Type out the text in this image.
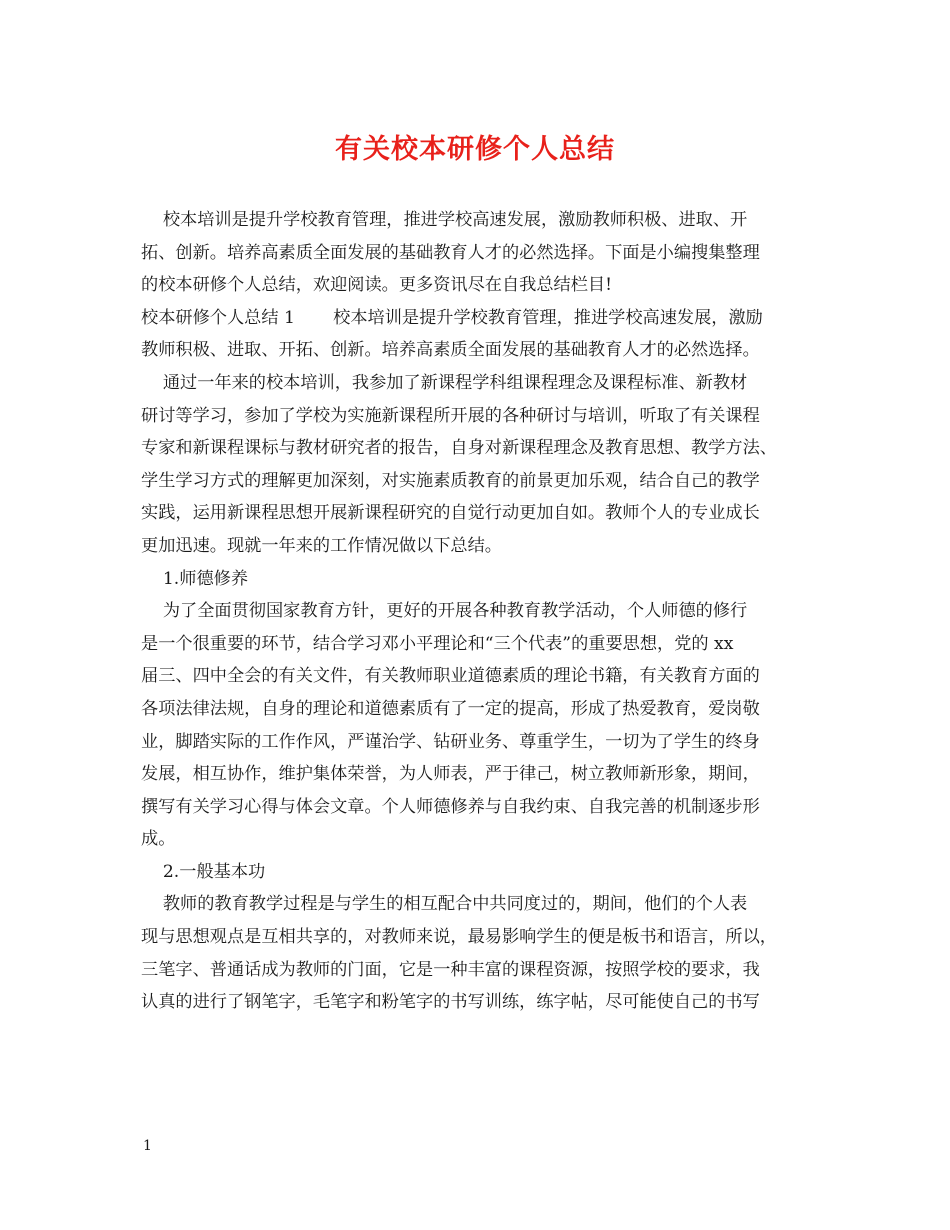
有关校本研修个人总结
校本培训是提升学校教育管理，推进学校高速发展，激励教师积极、进取、开
拓、创新。培养高素质全面发展的基础教育人才的必然选择。下面是小编搜集整理
的校本研修个人总结，欢迎阅读。更多资讯尽在自我总结栏目!
校本研修个人总结 1       校本培训是提升学校教育管理，推进学校高速发展，激励
教师积极、进取、开拓、创新。培养高素质全面发展的基础教育人才的必然选择。
通过一年来的校本培训，我参加了新课程学科组课程理念及课程标准、新教材
研讨等学习，参加了学校为实施新课程所开展的各种研讨与培训，听取了有关课程
专家和新课程课标与教材研究者的报告，自身对新课程理念及教育思想、教学方法、
学生学习方式的理解更加深刻，对实施素质教育的前景更加乐观，结合自己的教学
实践，运用新课程思想开展新课程研究的自觉行动更加自如。教师个人的专业成长
更加迅速。现就一年来的工作情况做以下总结。
1.师德修养
为了全面贯彻国家教育方针，更好的开展各种教育教学活动，个人师德的修行
是一个很重要的环节，结合学习邓小平理论和“三个代表”的重要思想，党的 xx
届三、四中全会的有关文件，有关教师职业道德素质的理论书籍，有关教育方面的
各项法律法规，自身的理论和道德素质有了一定的提高，形成了热爱教育，爱岗敬
业，脚踏实际的工作作风，严谨治学、钻研业务、尊重学生，一切为了学生的终身
发展，相互协作，维护集体荣誉，为人师表，严于律己，树立教师新形象，期间，
撰写有关学习心得与体会文章。个人师德修养与自我约束、自我完善的机制逐步形
成。
2.一般基本功
教师的教育教学过程是与学生的相互配合中共同度过的，期间，他们的个人表
现与思想观点是互相共享的，对教师来说，最易影响学生的便是板书和语言，所以，
三笔字、普通话成为教师的门面，它是一种丰富的课程资源，按照学校的要求，我
认真的进行了钢笔字，毛笔字和粉笔字的书写训练，练字帖，尽可能使自己的书写
1
